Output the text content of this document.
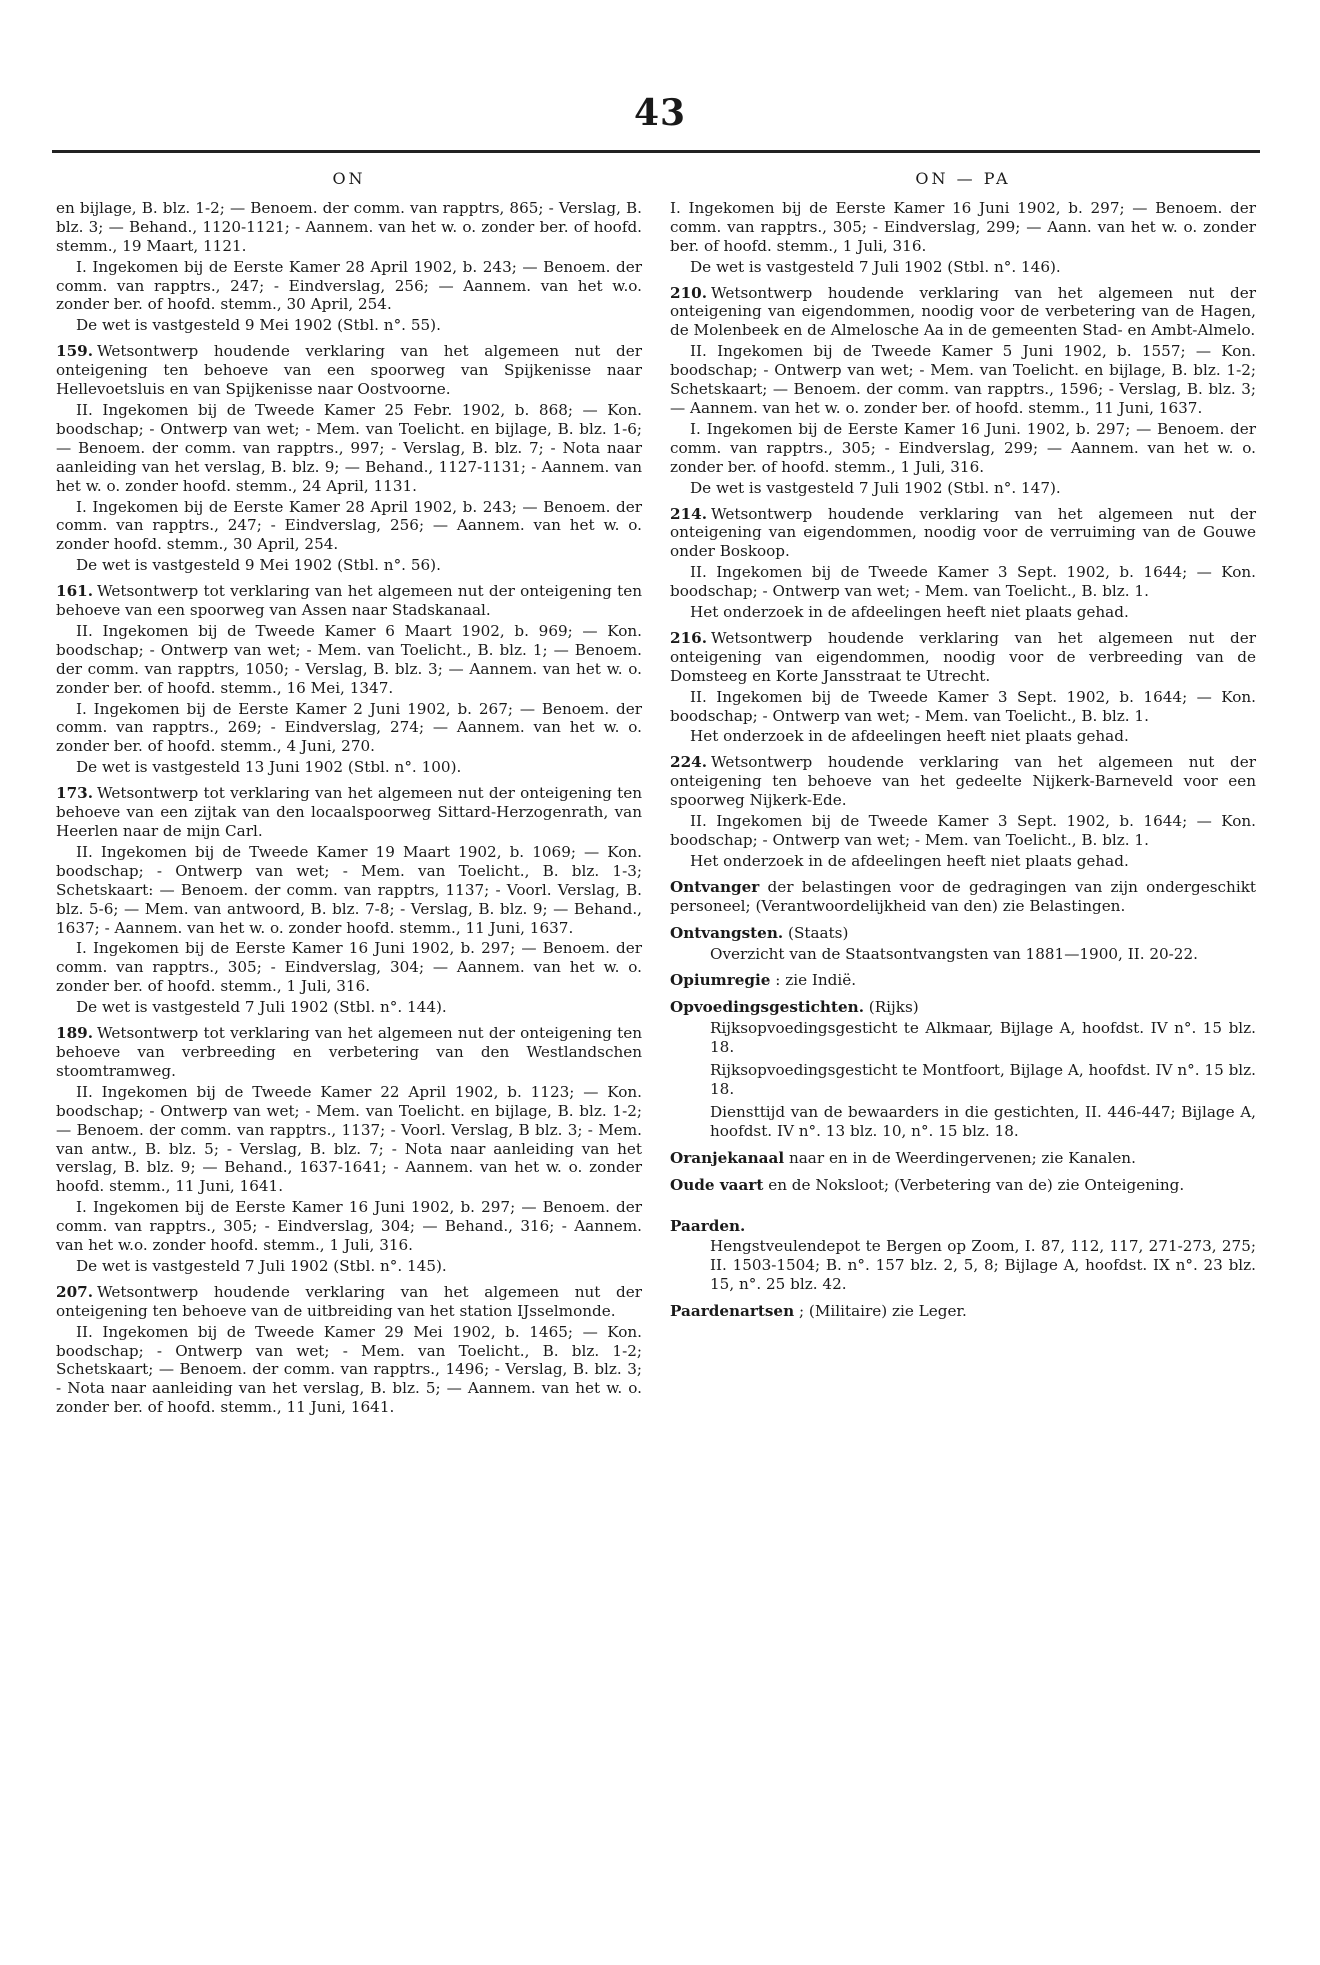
43
ON

en bijlage, B. blz. 1-2; — Benoem. der comm. van rapptrs, 865; - Verslag, B. blz. 3; — Behand., 1120-1121; - Aannem. van het w. o. zonder ber. of hoofd. stemm., 19 Maart, 1121.

I. Ingekomen bij de Eerste Kamer 28 April 1902, b. 243; — Benoem. der comm. van rapptrs., 247; - Eindverslag, 256; — Aannem. van het w.o. zonder ber. of hoofd. stemm., 30 April, 254.

De wet is vastgesteld 9 Mei 1902 (Stbl. n°. 55).

159. Wetsontwerp houdende verklaring van het algemeen nut der onteigening ten behoeve van een spoorweg van Spijkenisse naar Hellevoetsluis en van Spijkenisse naar Oostvoorne.

II. Ingekomen bij de Tweede Kamer 25 Febr. 1902, b. 868; — Kon. boodschap; - Ontwerp van wet; - Mem. van Toelicht. en bijlage, B. blz. 1-6; — Benoem. der comm. van rapptrs., 997; - Verslag, B. blz. 7; - Nota naar aanleiding van het verslag, B. blz. 9; — Behand., 1127-1131; - Aannem. van het w. o. zonder hoofd. stemm., 24 April, 1131.

I. Ingekomen bij de Eerste Kamer 28 April 1902, b. 243; — Benoem. der comm. van rapptrs., 247; - Eindverslag, 256; — Aannem. van het w. o. zonder hoofd. stemm., 30 April, 254.

De wet is vastgesteld 9 Mei 1902 (Stbl. n°. 56).

161. Wetsontwerp tot verklaring van het algemeen nut der onteigening ten behoeve van een spoorweg van Assen naar Stadskanaal.

II. Ingekomen bij de Tweede Kamer 6 Maart 1902, b. 969; — Kon. boodschap; - Ontwerp van wet; - Mem. van Toelicht., B. blz. 1; — Benoem. der comm. van rapptrs, 1050; - Verslag, B. blz. 3; — Aannem. van het w. o. zonder ber. of hoofd. stemm., 16 Mei, 1347.

I. Ingekomen bij de Eerste Kamer 2 Juni 1902, b. 267; — Benoem. der comm. van rapptrs., 269; - Eindverslag, 274; — Aannem. van het w. o. zonder ber. of hoofd. stemm., 4 Juni, 270.

De wet is vastgesteld 13 Juni 1902 (Stbl. n°. 100).

173. Wetsontwerp tot verklaring van het algemeen nut der onteigening ten behoeve van een zijtak van den locaalspoorweg Sittard-Herzogenrath, van Heerlen naar de mijn Carl.

II. Ingekomen bij de Tweede Kamer 19 Maart 1902, b. 1069; — Kon. boodschap; - Ontwerp van wet; - Mem. van Toelicht., B. blz. 1-3; Schetskaart: — Benoem. der comm. van rapptrs, 1137; - Voorl. Verslag, B. blz. 5-6; — Mem. van antwoord, B. blz. 7-8; - Verslag, B. blz. 9; — Behand., 1637; - Aannem. van het w. o. zonder hoofd. stemm., 11 Juni, 1637.

I. Ingekomen bij de Eerste Kamer 16 Juni 1902, b. 297; — Benoem. der comm. van rapptrs., 305; - Eindverslag, 304; — Aannem. van het w. o. zonder ber. of hoofd. stemm., 1 Juli, 316.

De wet is vastgesteld 7 Juli 1902 (Stbl. n°. 144).

189. Wetsontwerp tot verklaring van het algemeen nut der onteigening ten behoeve van verbreeding en verbetering van den Westlandschen stoomtramweg.

II. Ingekomen bij de Tweede Kamer 22 April 1902, b. 1123; — Kon. boodschap; - Ontwerp van wet; - Mem. van Toelicht. en bijlage, B. blz. 1-2; — Benoem. der comm. van rapptrs., 1137; - Voorl. Verslag, B blz. 3; - Mem. van antw., B. blz. 5; - Verslag, B. blz. 7; - Nota naar aanleiding van het verslag, B. blz. 9; — Behand., 1637-1641; - Aannem. van het w. o. zonder hoofd. stemm., 11 Juni, 1641.

I. Ingekomen bij de Eerste Kamer 16 Juni 1902, b. 297; — Benoem. der comm. van rapptrs., 305; - Eindverslag, 304; — Behand., 316; - Aannem. van het w.o. zonder hoofd. stemm., 1 Juli, 316.

De wet is vastgesteld 7 Juli 1902 (Stbl. n°. 145).

207. Wetsontwerp houdende verklaring van het algemeen nut der onteigening ten behoeve van de uitbreiding van het station IJsselmonde.

II. Ingekomen bij de Tweede Kamer 29 Mei 1902, b. 1465; — Kon. boodschap; - Ontwerp van wet; - Mem. van Toelicht., B. blz. 1-2; Schetskaart; — Benoem. der comm. van rapptrs., 1496; - Verslag, B. blz. 3; - Nota naar aanleiding van het verslag, B. blz. 5; — Aannem. van het w. o. zonder ber. of hoofd. stemm., 11 Juni, 1641.

ON — PA

I. Ingekomen bij de Eerste Kamer 16 Juni 1902, b. 297; — Benoem. der comm. van rapptrs., 305; - Eindverslag, 299; — Aann. van het w. o. zonder ber. of hoofd. stemm., 1 Juli, 316.

De wet is vastgesteld 7 Juli 1902 (Stbl. n°. 146).

210. Wetsontwerp houdende verklaring van het algemeen nut der onteigening van eigendommen, noodig voor de verbetering van de Hagen, de Molenbeek en de Almelosche Aa in de gemeenten Stad- en Ambt-Almelo.

II. Ingekomen bij de Tweede Kamer 5 Juni 1902, b. 1557; — Kon. boodschap; - Ontwerp van wet; - Mem. van Toelicht. en bijlage, B. blz. 1-2; Schetskaart; — Benoem. der comm. van rapptrs., 1596; - Verslag, B. blz. 3; — Aannem. van het w. o. zonder ber. of hoofd. stemm., 11 Juni, 1637.

I. Ingekomen bij de Eerste Kamer 16 Juni. 1902, b. 297; — Benoem. der comm. van rapptrs., 305; - Eindverslag, 299; — Aannem. van het w. o. zonder ber. of hoofd. stemm., 1 Juli, 316.

De wet is vastgesteld 7 Juli 1902 (Stbl. n°. 147).

214. Wetsontwerp houdende verklaring van het algemeen nut der onteigening van eigendommen, noodig voor de verruiming van de Gouwe onder Boskoop.

II. Ingekomen bij de Tweede Kamer 3 Sept. 1902, b. 1644; — Kon. boodschap; - Ontwerp van wet; - Mem. van Toelicht., B. blz. 1.

Het onderzoek in de afdeelingen heeft niet plaats gehad.

216. Wetsontwerp houdende verklaring van het algemeen nut der onteigening van eigendommen, noodig voor de verbreeding van de Domsteeg en Korte Jansstraat te Utrecht.

II. Ingekomen bij de Tweede Kamer 3 Sept. 1902, b. 1644; — Kon. boodschap; - Ontwerp van wet; - Mem. van Toelicht., B. blz. 1.

Het onderzoek in de afdeelingen heeft niet plaats gehad.

224. Wetsontwerp houdende verklaring van het algemeen nut der onteigening ten behoeve van het gedeelte Nijkerk-Barneveld voor een spoorweg Nijkerk-Ede.

II. Ingekomen bij de Tweede Kamer 3 Sept. 1902, b. 1644; — Kon. boodschap; - Ontwerp van wet; - Mem. van Toelicht., B. blz. 1.

Het onderzoek in de afdeelingen heeft niet plaats gehad.

Ontvanger der belastingen voor de gedragingen van zijn ondergeschikt personeel; (Verantwoordelijkheid van den) zie Belastingen.

Ontvangsten. (Staats)

Overzicht van de Staatsontvangsten van 1881—1900, II. 20-22.

Opiumregie : zie Indië.

Opvoedingsgestichten. (Rijks)

Rijksopvoedingsgesticht te Alkmaar, Bijlage A, hoofdst. IV n°. 15 blz. 18.

Rijksopvoedingsgesticht te Montfoort, Bijlage A, hoofdst. IV n°. 15 blz. 18.

Diensttijd van de bewaarders in die gestichten, II. 446-447; Bijlage A, hoofdst. IV n°. 13 blz. 10, n°. 15 blz. 18.

Oranjekanaal naar en in de Weerdingervenen; zie Kanalen.

Oude vaart en de Noksloot; (Verbetering van de) zie Onteigening.

Paarden.

Hengstveulendepot te Bergen op Zoom, I. 87, 112, 117, 271-273, 275; II. 1503-1504; B. n°. 157 blz. 2, 5, 8; Bijlage A, hoofdst. IX n°. 23 blz. 15, n°. 25 blz. 42.

Paardenartsen ; (Militaire) zie Leger.
